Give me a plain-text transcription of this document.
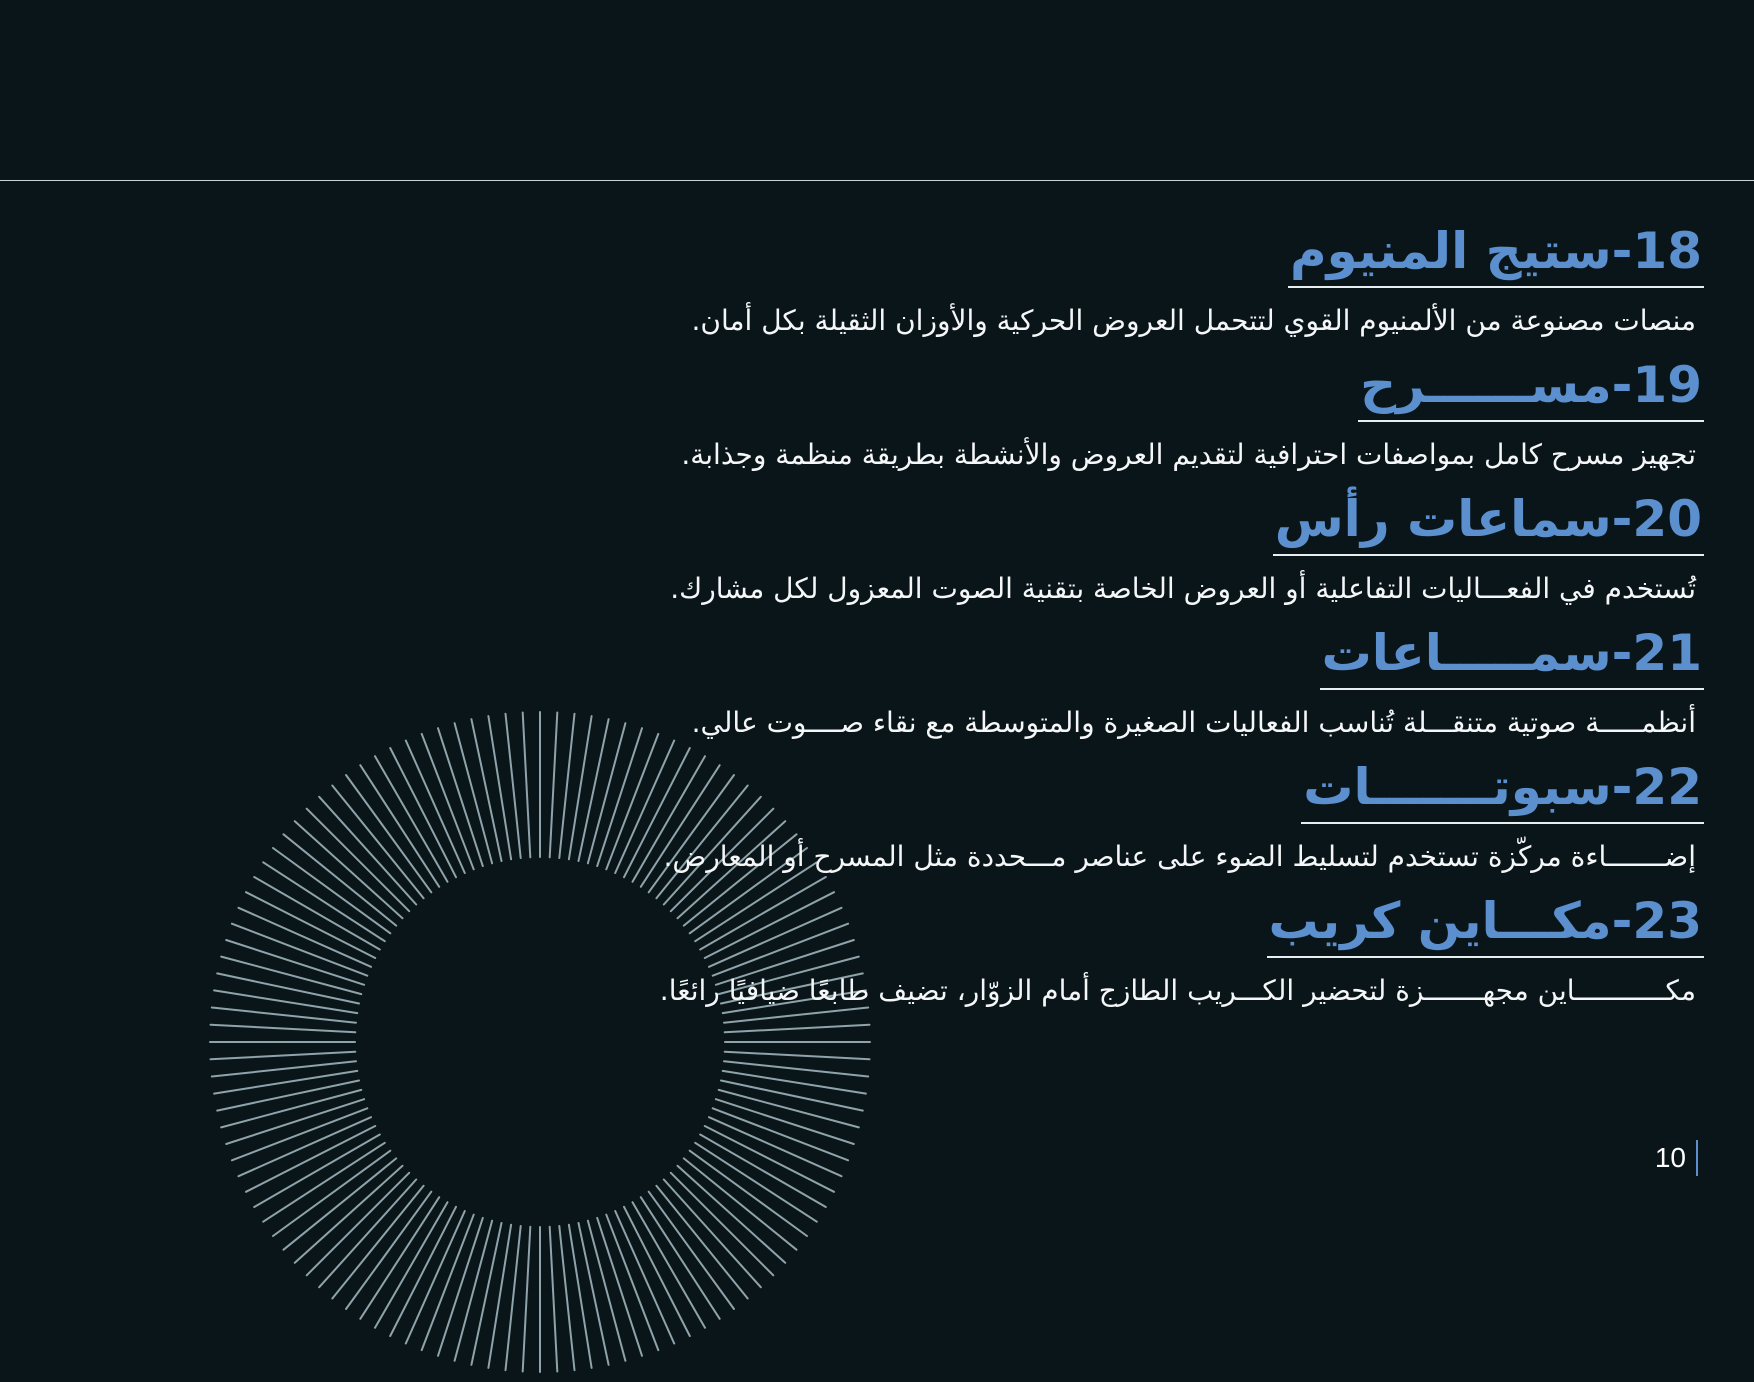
18-ستيج المنيوم

منصات مصنوعة من الألمنيوم القوي لتتحمل العروض الحركية والأوزان الثقيلة بكل أمان.

19-مســــــرح

تجهيز مسرح كامل بمواصفات احترافية لتقديم العروض والأنشطة بطريقة منظمة وجذابة.

20-سماعات رأس

تُستخدم في الفعـــاليات التفاعلية أو العروض الخاصة بتقنية الصوت المعزول لكل مشارك.

21-سمـــــاعات

أنظمـــــة صوتية متنقـــلة تُناسب الفعاليات الصغيرة والمتوسطة مع نقاء صــــوت عالي.

22-سبوتـــــــات

إضـــــــاءة مركّزة تستخدم لتسليط الضوء على عناصر مـــحددة مثل المسرح أو المعارض.

23-مكـــاين كريب

مكـــــــــــاين مجهـــــــزة لتحضير الكـــريب الطازج أمام الزوّار، تضيف طابعًا ضيافيًا رائعًا.

10
